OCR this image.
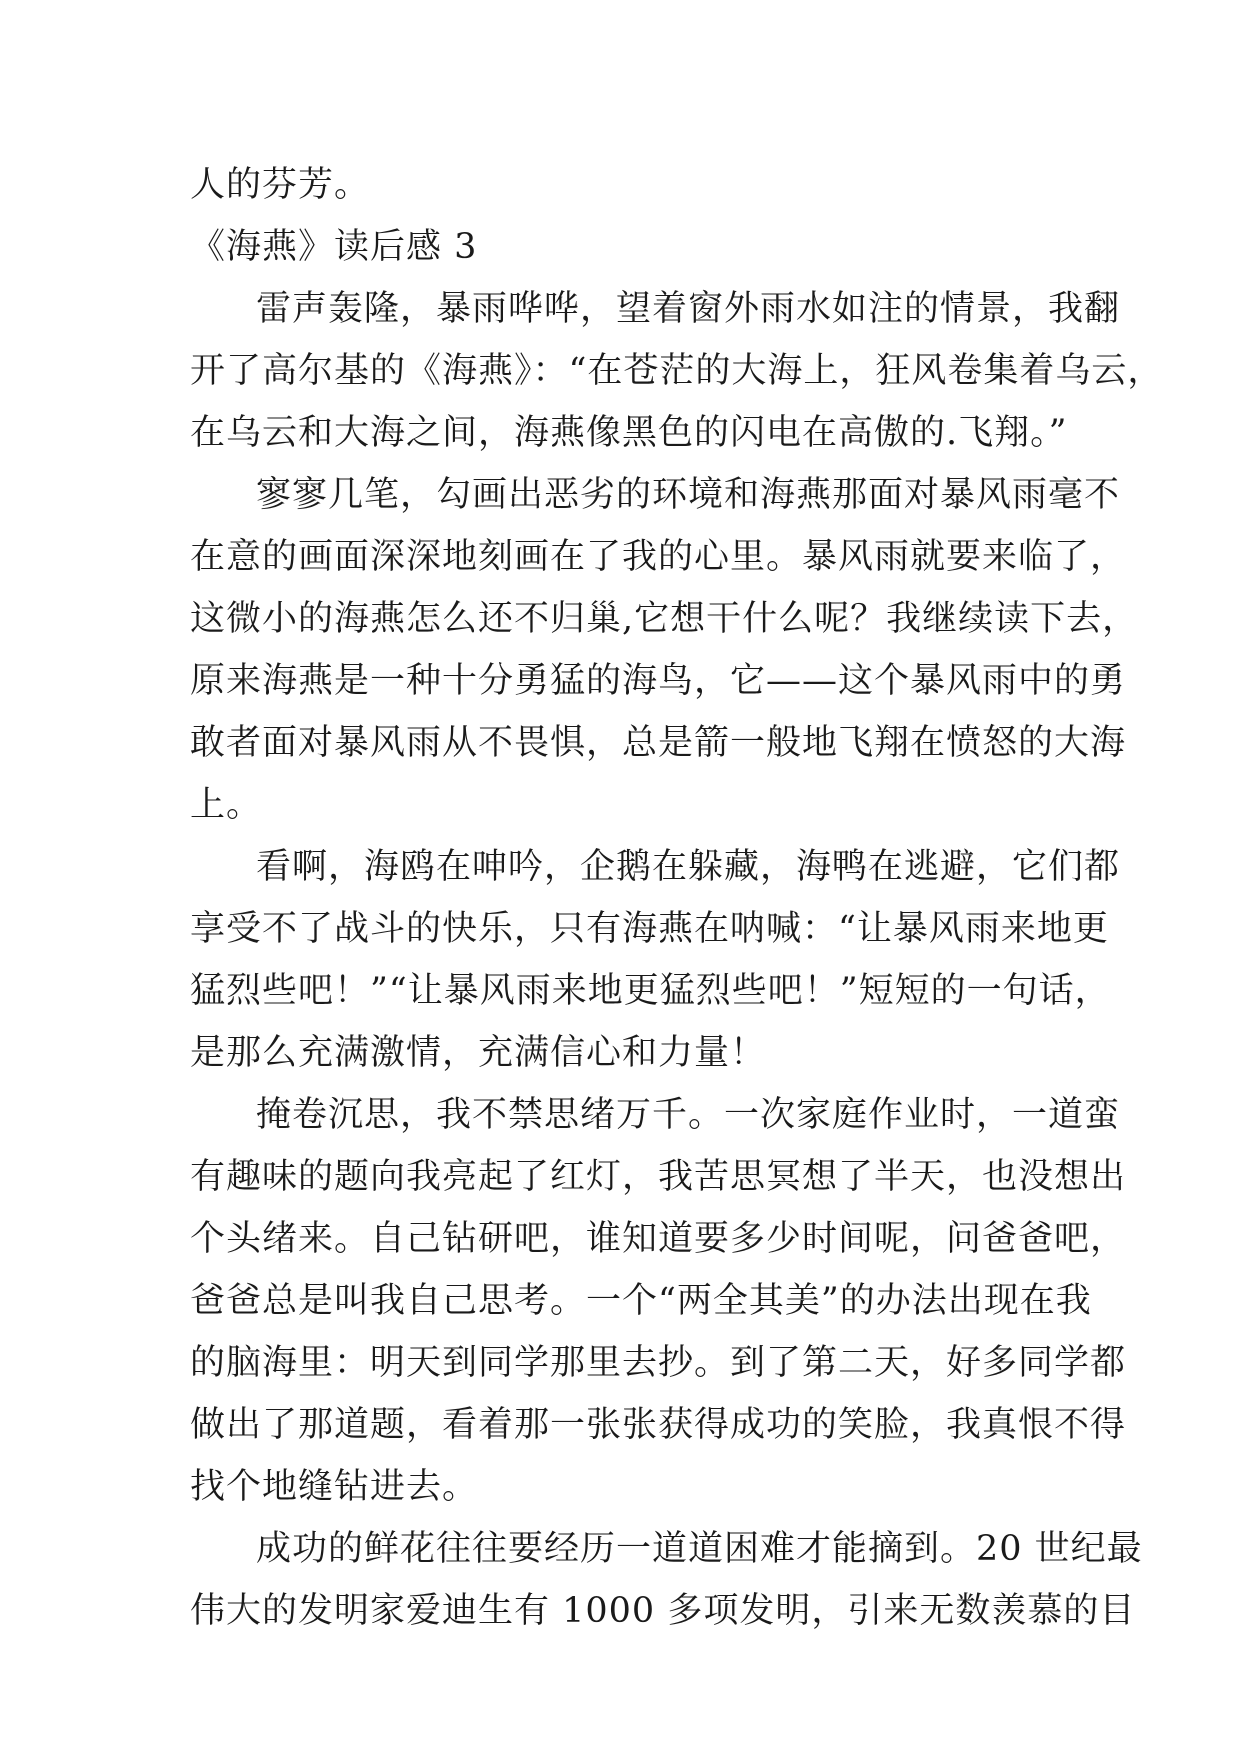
人的芬芳。

《海燕》读后感 3

雷声轰隆，暴雨哗哗，望着窗外雨水如注的情景，我翻

开了高尔基的《海燕》：“在苍茫的大海上，狂风卷集着乌云，

在乌云和大海之间，海燕像黑色的闪电在高傲的.飞翔。”

寥寥几笔，勾画出恶劣的环境和海燕那面对暴风雨毫不

在意的画面深深地刻画在了我的心里。暴风雨就要来临了，

这微小的海燕怎么还不归巢,它想干什么呢？我继续读下去，

原来海燕是一种十分勇猛的海鸟，它——这个暴风雨中的勇

敢者面对暴风雨从不畏惧，总是箭一般地飞翔在愤怒的大海

上。

看啊，海鸥在呻吟，企鹅在躲藏，海鸭在逃避，它们都

享受不了战斗的快乐，只有海燕在呐喊：“让暴风雨来地更

猛烈些吧！”“让暴风雨来地更猛烈些吧！”短短的一句话，

是那么充满激情，充满信心和力量！

掩卷沉思，我不禁思绪万千。一次家庭作业时，一道蛮

有趣味的题向我亮起了红灯，我苦思冥想了半天，也没想出

个头绪来。自己钻研吧，谁知道要多少时间呢，问爸爸吧，

爸爸总是叫我自己思考。一个“两全其美”的办法出现在我

的脑海里：明天到同学那里去抄。到了第二天，好多同学都

做出了那道题，看着那一张张获得成功的笑脸，我真恨不得

找个地缝钻进去。

成功的鲜花往往要经历一道道困难才能摘到。20 世纪最

伟大的发明家爱迪生有 1000 多项发明，引来无数羡慕的目
